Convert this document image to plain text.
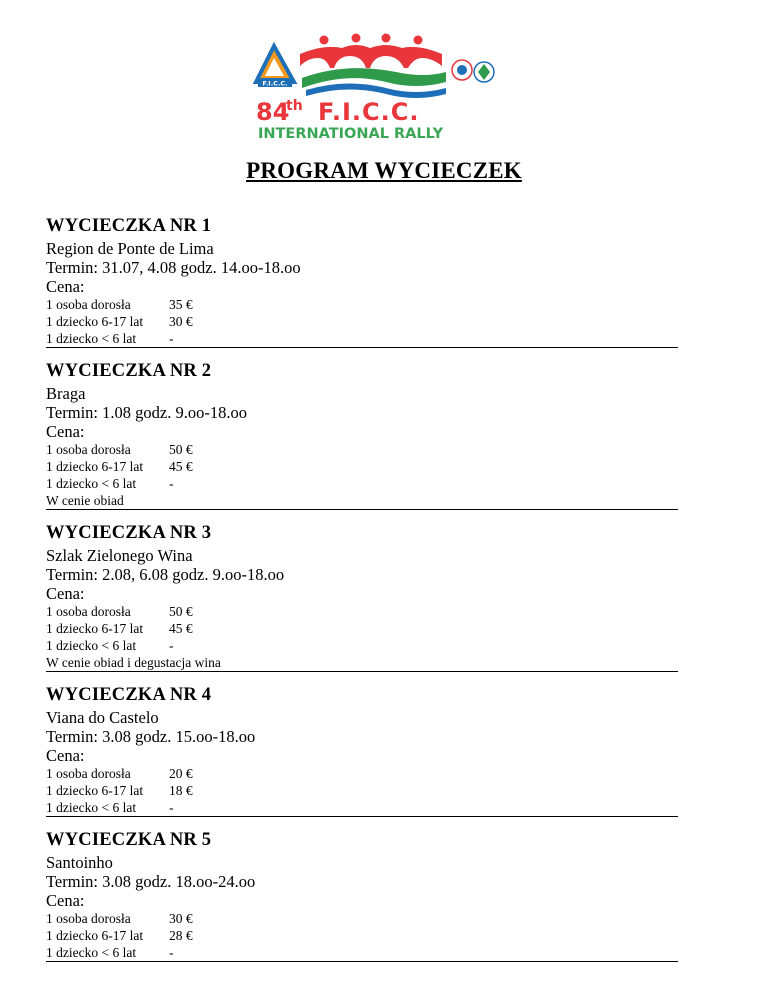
F.I.C.C.
84
th F.I.C.C.
INTERNATIONAL RALLY
PROGRAM WYCIECZEK
WYCIECZKA NR 1
Region de Ponte de Lima
Termin: 31.07, 4.08 godz. 14.oo-18.oo
Cena:
1 osoba dorosła	35 €
1 dziecko 6-17 lat	30 €
1 dziecko < 6 lat	-
WYCIECZKA NR 2
Braga
Termin: 1.08 godz. 9.oo-18.oo
Cena:
1 osoba dorosła	50 €
1 dziecko 6-17 lat	45 €
1 dziecko < 6 lat	-
W cenie obiad
WYCIECZKA NR 3
Szlak Zielonego Wina
Termin: 2.08, 6.08 godz. 9.oo-18.oo
Cena:
1 osoba dorosła	50 €
1 dziecko 6-17 lat	45 €
1 dziecko < 6 lat	-
W cenie obiad i degustacja wina
WYCIECZKA NR 4
Viana do Castelo
Termin: 3.08 godz. 15.oo-18.oo
Cena:
1 osoba dorosła	20 €
1 dziecko 6-17 lat	18 €
1 dziecko < 6 lat	-
WYCIECZKA NR 5
Santoinho
Termin: 3.08 godz. 18.oo-24.oo
Cena:
1 osoba dorosła	30 €
1 dziecko 6-17 lat	28 €
1 dziecko < 6 lat	-
